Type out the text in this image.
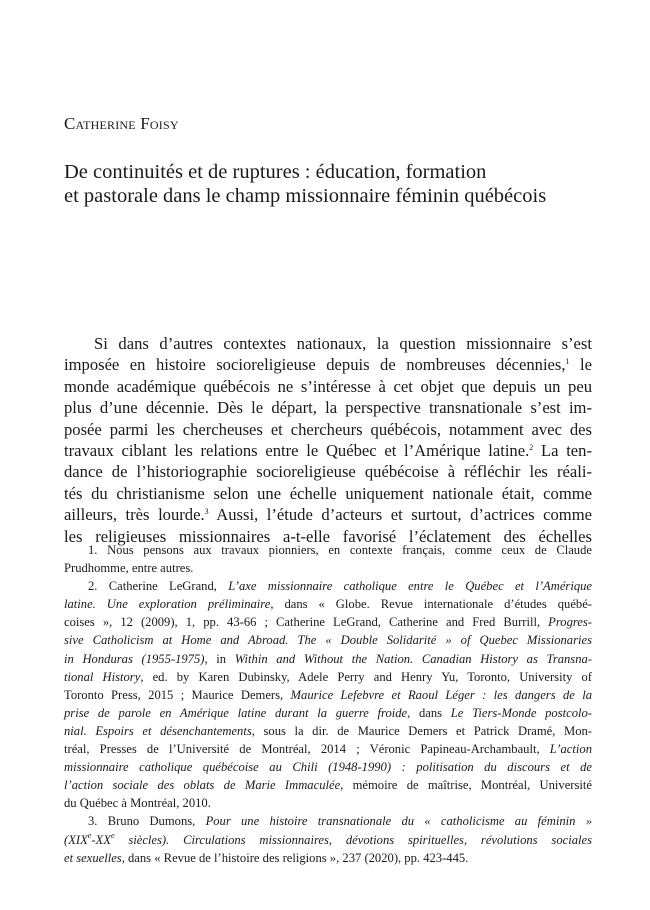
Catherine Foisy
De continuités et de ruptures : éducation, formation
et pastorale dans le champ missionnaire féminin québécois
Si dans d’autres contextes nationaux, la question missionnaire s’est
imposée en histoire socioreligieuse depuis de nombreuses décennies,$^1$ le
monde académique québécois ne s’intéresse à cet objet que depuis un peu
plus d’une décennie. Dès le départ, la perspective transnationale s’est im-
posée parmi les chercheuses et chercheurs québécois, notamment avec des
travaux ciblant les relations entre le Québec et l’Amérique latine.$^2$ La ten-
dance de l’historiographie socioreligieuse québécoise à réfléchir les réali-
tés du christianisme selon une échelle uniquement nationale était, comme
ailleurs, très lourde.$^3$ Aussi, l’étude d’acteurs et surtout, d’actrices comme
les religieuses missionnaires a-t-elle favorisé l’éclatement des échelles
1. Nous pensons aux travaux pionniers, en contexte français, comme ceux de Claude
Prudhomme, entre autres.
2. Catherine LeGrand, L’axe missionnaire catholique entre le Québec et l’Amérique
latine. Une exploration préliminaire, dans « Globe. Revue internationale d’études québé-
coises », 12 (2009), 1, pp. 43-66 ; Catherine LeGrand, Catherine and Fred Burrill, Progres-
sive Catholicism at Home and Abroad. The « Double Solidarité » of Quebec Missionaries
in Honduras (1955-1975), in Within and Without the Nation. Canadian History as Transna-
tional History, ed. by Karen Dubinsky, Adele Perry and Henry Yu, Toronto, University of
Toronto Press, 2015 ; Maurice Demers, Maurice Lefebvre et Raoul Léger : les dangers de la
prise de parole en Amérique latine durant la guerre froide, dans Le Tiers-Monde postcolo-
nial. Espoirs et désenchantements, sous la dir. de Maurice Demers et Patrick Dramé, Mon-
tréal, Presses de l’Université de Montréal, 2014 ; Véronic Papineau-Archambault, L’action
missionnaire catholique québécoise au Chili (1948-1990) : politisation du discours et de
l’action sociale des oblats de Marie Immaculée, mémoire de maîtrise, Montréal, Université
du Québec à Montréal, 2010.
3. Bruno Dumons, Pour une histoire transnationale du « catholicisme au féminin »
(XIXe-XXe siècles). Circulations missionnaires, dévotions spirituelles, révolutions sociales
et sexuelles, dans « Revue de l’histoire des religions », 237 (2020), pp. 423-445.
